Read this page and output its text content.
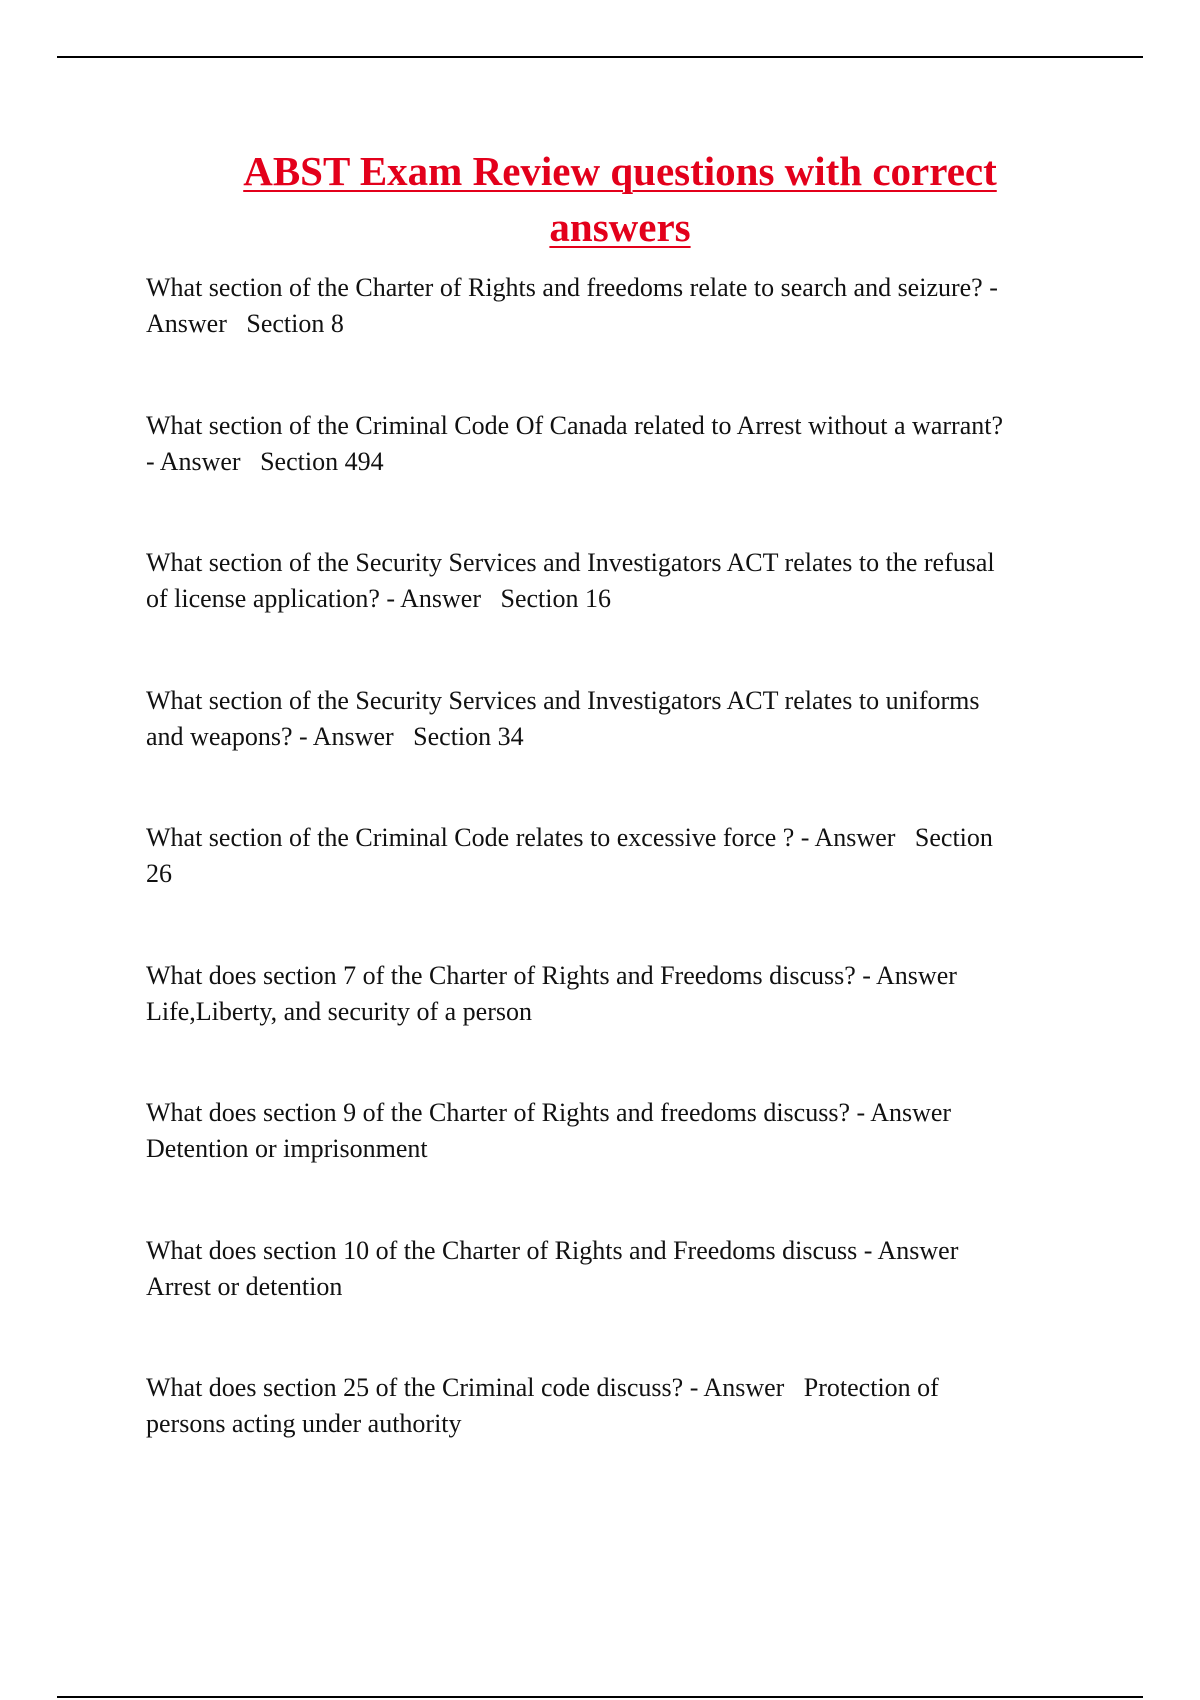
ABST Exam Review questions with correct answers
What section of the Charter of Rights and freedoms relate to search and seizure? -
Answer   Section 8
What section of the Criminal Code Of Canada related to Arrest without a warrant?
- Answer   Section 494
What section of the Security Services and Investigators ACT relates to the refusal
of license application? - Answer   Section 16
What section of the Security Services and Investigators ACT relates to uniforms
and weapons? - Answer   Section 34
What section of the Criminal Code relates to excessive force ? - Answer   Section
26
What does section 7 of the Charter of Rights and Freedoms discuss? - Answer
Life,Liberty, and security of a person
What does section 9 of the Charter of Rights and freedoms discuss? - Answer
Detention or imprisonment
What does section 10 of the Charter of Rights and Freedoms discuss - Answer
Arrest or detention
What does section 25 of the Criminal code discuss? - Answer   Protection of
persons acting under authority
